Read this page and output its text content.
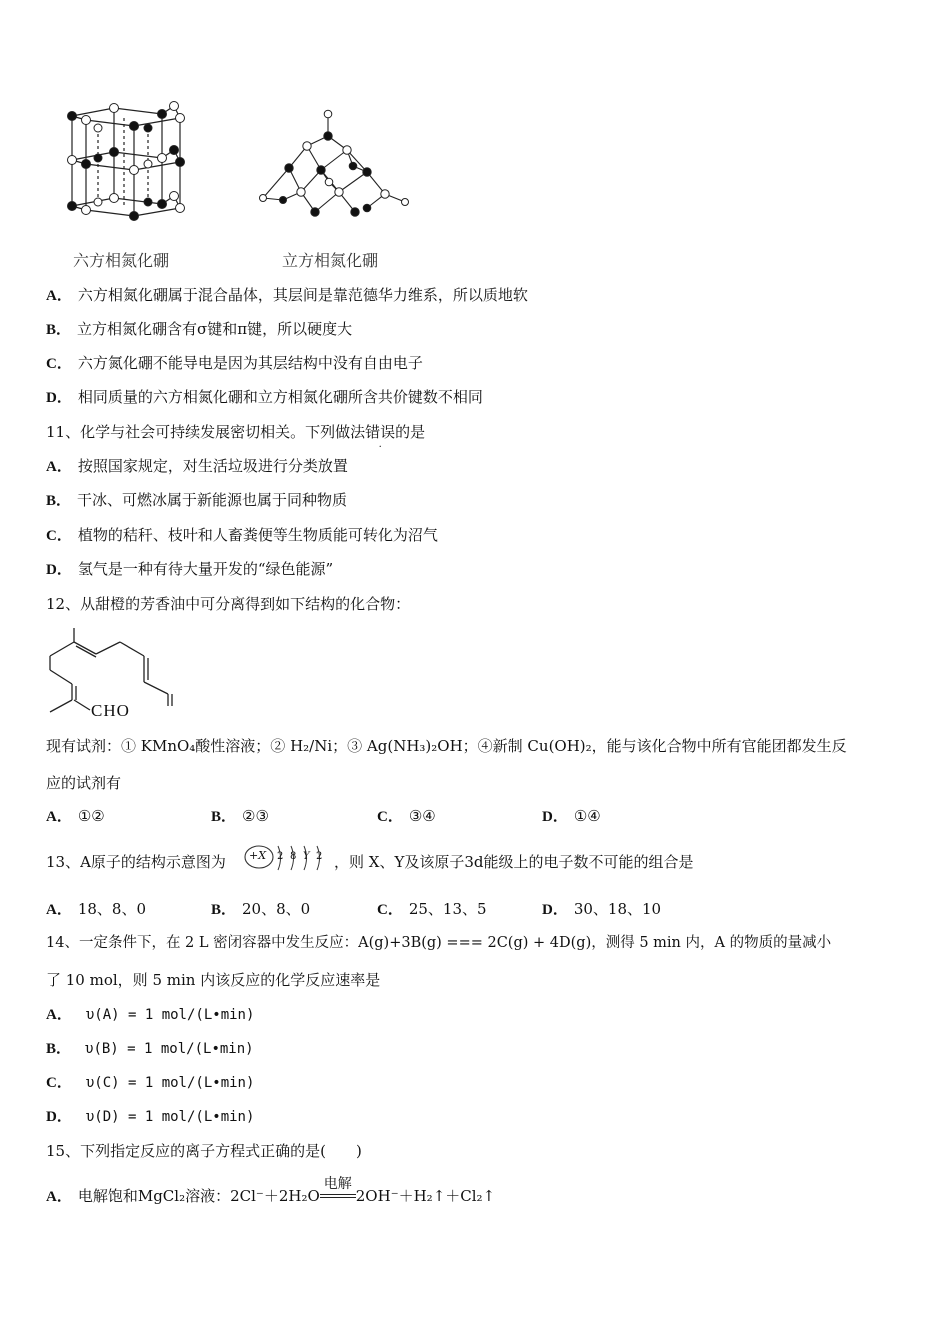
六方相氮化硼	立方相氮化硼
A． 六方相氮化硼属于混合晶体，其层间是靠范德华力维系，所以质地软
B． 立方相氮化硼含有σ键和π键，所以硬度大
C． 六方氮化硼不能导电是因为其层结构中没有自由电子
D． 相同质量的六方相氮化硼和立方相氮化硼所含共价键数不相同
11、化学与社会可持续发展密切相关。下列做法错误的是
A． 按照国家规定，对生活垃圾进行分类放置
B． 干冰、可燃冰属于新能源也属于同种物质
C． 植物的秸秆、枝叶和人畜粪便等生物质能可转化为沼气
D． 氢气是一种有待大量开发的“绿色能源”
12、从甜橙的芳香油中可分离得到如下结构的化合物：
CHO
现有试剂：① KMnO₄酸性溶液；② H₂/Ni；③ Ag(NH₃)₂OH；④新制 Cu(OH)₂，能与该化合物中所有官能团都发生反
应的试剂有
A． ①②	B． ②③	C． ③④	D． ①④
13、A原子的结构示意图为 +X 2 8 Y 2 ，则 X、Y及该原子3d能级上的电子数不可能的组合是
A． 18、8、0	B． 20、8、0	C． 25、13、5	D． 30、18、10
14、一定条件下，在 2 L 密闭容器中发生反应：A(g)+3B(g) === 2C(g) + 4D(g)，测得 5 min 内，A 的物质的量减小
了 10 mol，则 5 min 内该反应的化学反应速率是
A． υ(A) = 1 mol/(L•min)
B． υ(B) = 1 mol/(L•min)
C． υ(C) = 1 mol/(L•min)
D． υ(D) = 1 mol/(L•min)
15、下列指定反应的离子方程式正确的是(　　)
A． 电解饱和MgCl₂溶液：2Cl⁻＋2H₂O
电解
2OH⁻＋H₂↑＋Cl₂↑
